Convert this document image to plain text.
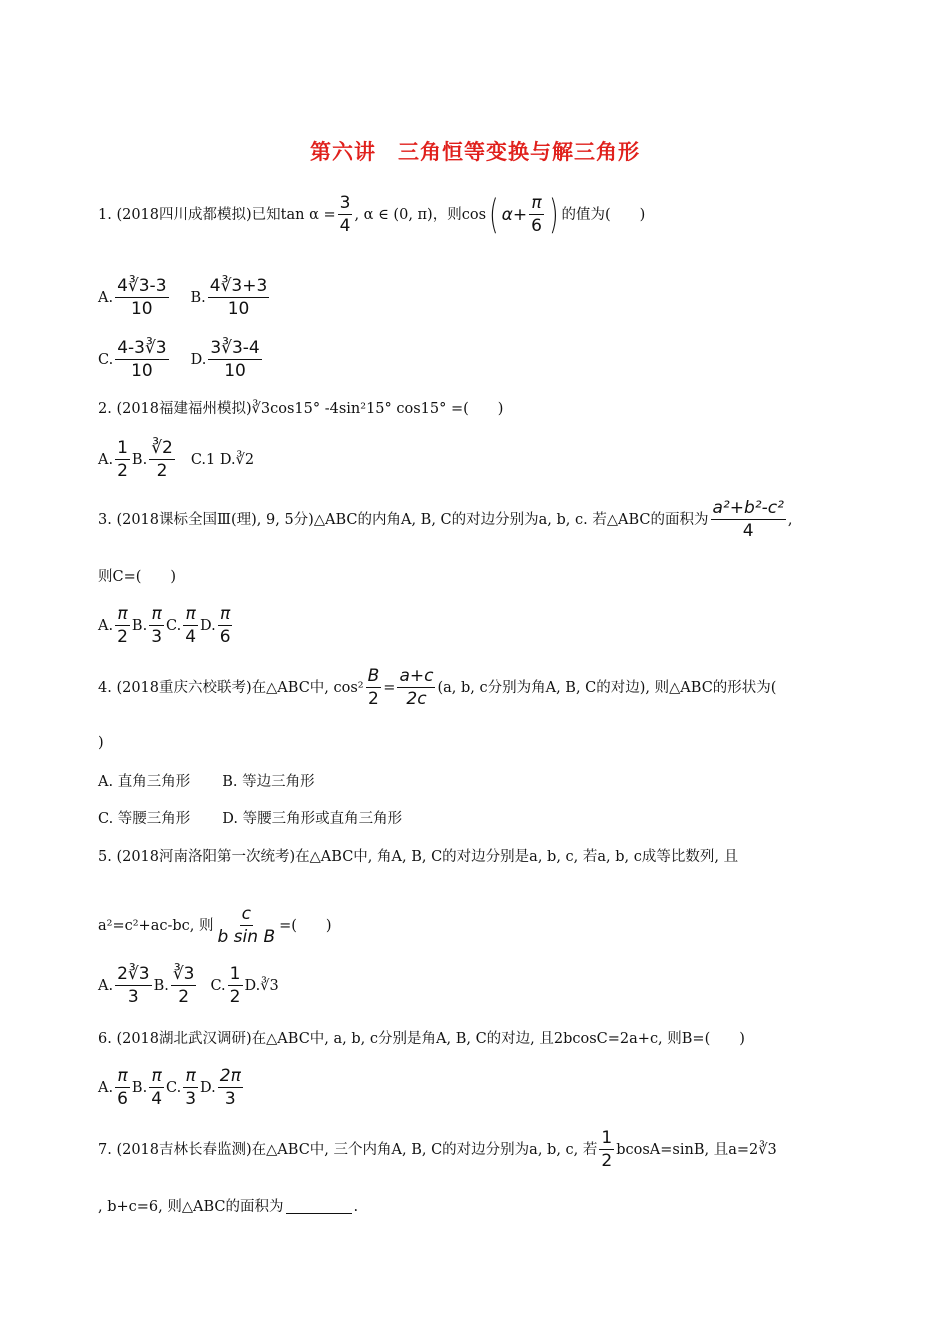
第六讲　三角恒等变换与解三角形
1. (2018四川成都模拟)已知$\tan \alpha = \frac{3}{4}$ , α ∈ (0, π)，则cos ( $\alpha+ \frac{\pi}{6}$ ) 的值为(　　)
A. $\frac{4∛3-3}{10} B$. $\frac{4∛3+3}{10}$
C. $\frac{4-3∛3}{10} D$. $\frac{3∛3-4}{10}$
2. (2018福建福州模拟)∛3cos15° -4sin²15° cos15° =(　　)
A. $\frac{1}{2} B$. $\frac{∛2}{2} C.1$ D.∛2
3. (2018课标全国Ⅲ(理), 9, 5分)△ABC的内角A, B, C的对边分别为a, b, c. 若△ABC的面积为 $\frac{\text{a²+b²-c²}}{4}$ ,
则C=(　　)
A. $\frac{\pi}{2} B$. $\frac{\pi}{3} C$. $\frac{\pi}{4} D$. $\frac{\pi}{6}$
4. (2018重庆六校联考)在△ABC中, $\cos^2 \frac{B}{2} = \frac{a+c}{2c} (a$, b, c分别为角A, B, C的对边), 则△ABC的形状为(
)
A. 直角三角形 B. 等边三角形
C. 等腰三角形 D. 等腰三角形或直角三角形
5. (2018河南洛阳第一次统考)在△ABC中, 角A, B, C的对边分别是a, b, c, 若a, b, c成等比数列, 且
a²=c²+ac-bc, 则 $\frac{c}{\text{b sin B}}$ =(　　)
A. $\frac{2∛3}{3} B$. $\frac{∛3}{2} C$. $\frac{1}{2}$ D.∛3
6. (2018湖北武汉调研)在△ABC中, a, b, c分别是角A, B, C的对边, 且2bcosC=2a+c, 则B=(　　)
A. $\frac{\pi}{6} B$. $\frac{\pi}{4} C$. $\frac{\pi}{3} D$. $\frac{2\pi}{3}$
7. (2018吉林长春监测)在△ABC中, 三个内角A, B, C的对边分别为a, b, c, 若 $\frac{1}{2} bcosA=\sin B$, 且a=2∛3
, b+c=6, 则△ABC的面积为	.
